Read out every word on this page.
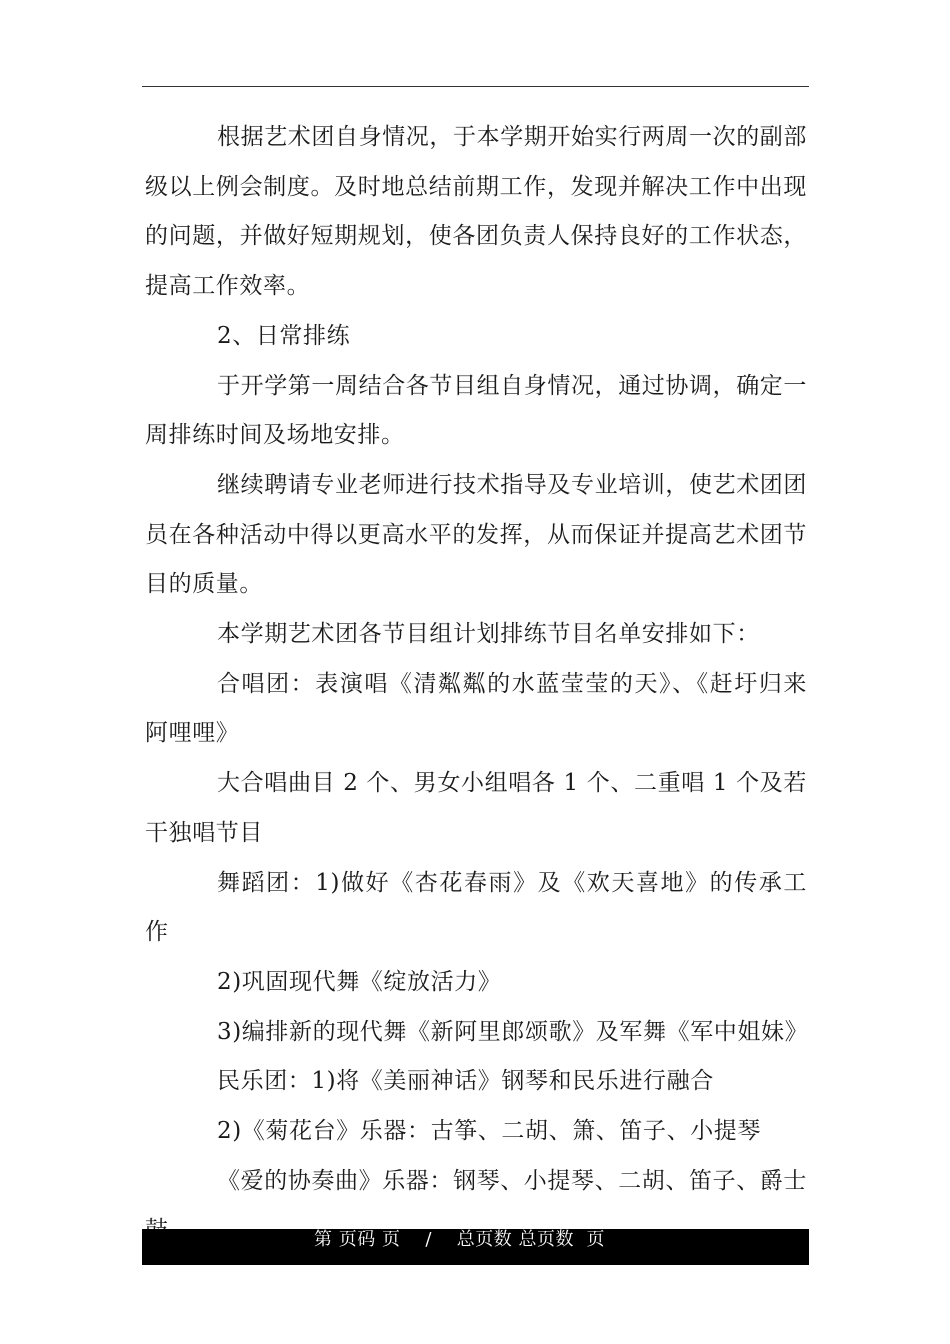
根据艺术团自身情况，于本学期开始实行两周一次的副部级以上例会制度。及时地总结前期工作，发现并解决工作中出现的问题，并做好短期规划，使各团负责人保持良好的工作状态，提高工作效率。

2、日常排练

于开学第一周结合各节目组自身情况，通过协调，确定一周排练时间及场地安排。

继续聘请专业老师进行技术指导及专业培训，使艺术团团员在各种活动中得以更高水平的发挥，从而保证并提高艺术团节目的质量。

本学期艺术团各节目组计划排练节目名单安排如下：

合唱团：表演唱《清粼粼的水蓝莹莹的天》、《赶圩归来阿哩哩》

大合唱曲目 2 个、男女小组唱各 1 个、二重唱 1 个及若干独唱节目

舞蹈团：1)做好《杏花春雨》及《欢天喜地》的传承工作

2)巩固现代舞《绽放活力》

3)编排新的现代舞《新阿里郎颂歌》及军舞《军中姐妹》

民乐团：1)将《美丽神话》钢琴和民乐进行融合

2)《菊花台》乐器：古筝、二胡、箫、笛子、小提琴

《爱的协奏曲》乐器：钢琴、小提琴、二胡、笛子、爵士

第 页码 页    /    总页数 总页数  页
